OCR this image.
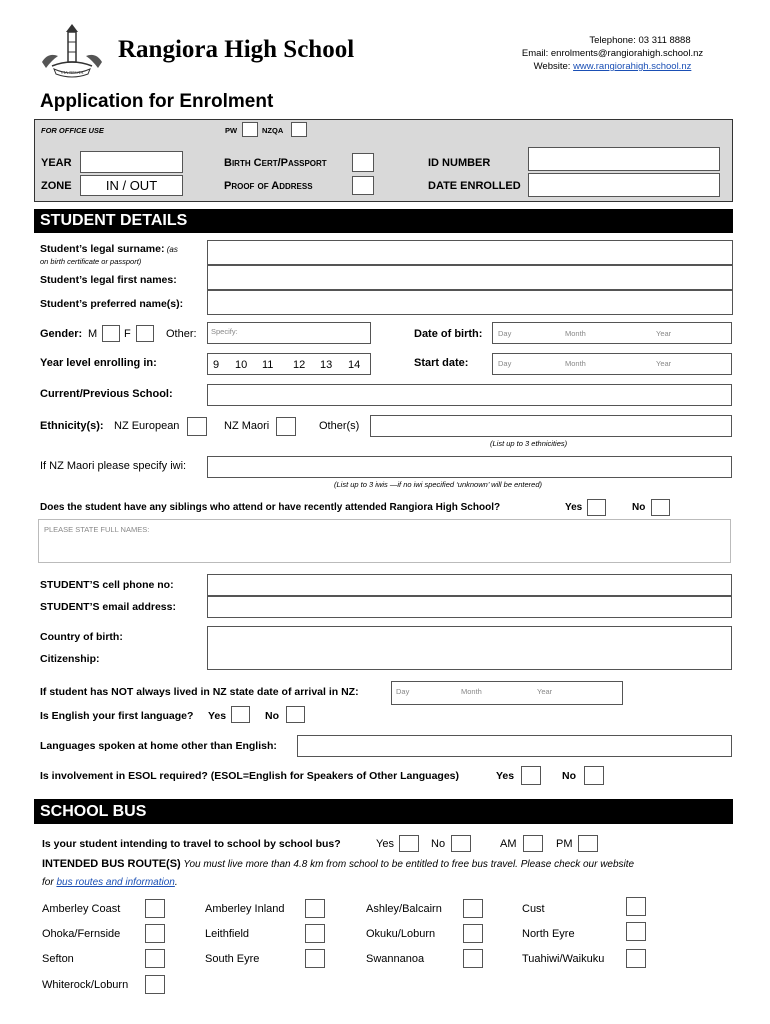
VIA RECTA
Rangiora High School	Telephone: 03 311 8888
Email: enrolments@rangiorahigh.school.nz
Website: www.rangiorahigh.school.nz
Application for Enrolment
FOR OFFICE USE	PW	NZQA
YEAR
ZONE	IN / OUT
Birth Cert/Passport
Proof of Address
ID NUMBER
DATE ENROLLED
STUDENT DETAILS
Student’s legal surname: (as
on birth certificate or passport)
Student’s legal first names:
Student’s preferred name(s):
Gender: M F	Other: Specify:	Date of birth: Day	Month	Year
Year level enrolling in:	9 10 11 12 13 14	Start date:	Day	Month	Year
Current/Previous School:
Ethnicity(s): NZ European	NZ Maori	Other(s)
(List up to 3 ethnicities)
If NZ Maori please specify iwi:
(List up to 3 iwis —if no iwi specified ‘unknown’ will be entered)
Does the student have any siblings who attend or have recently attended Rangiora High School?	Yes	No
PLEASE STATE FULL NAMES:
STUDENT’S cell phone no:
STUDENT’S email address:
Country of birth:
Citizenship:
If student has NOT always lived in NZ state date of arrival in NZ:	Day	Month	Year
Is English your first language? Yes	No
Languages spoken at home other than English:
Is involvement in ESOL required? (ESOL=English for Speakers of Other Languages)	Yes	No
SCHOOL BUS
Is your student intending to travel to school by school bus?	Yes	No	AM	PM
INTENDED BUS ROUTE(S) You must live more than 4.8 km from school to be entitled to free bus travel. Please check our website
for bus routes and information.
Amberley Coast	Amberley Inland	Ashley/Balcairn	Cust
Ohoka/Fernside	Leithfield	Okuku/Loburn	North Eyre
Sefton	South Eyre	Swannanoa	Tuahiwi/Waikuku
Whiterock/Loburn
